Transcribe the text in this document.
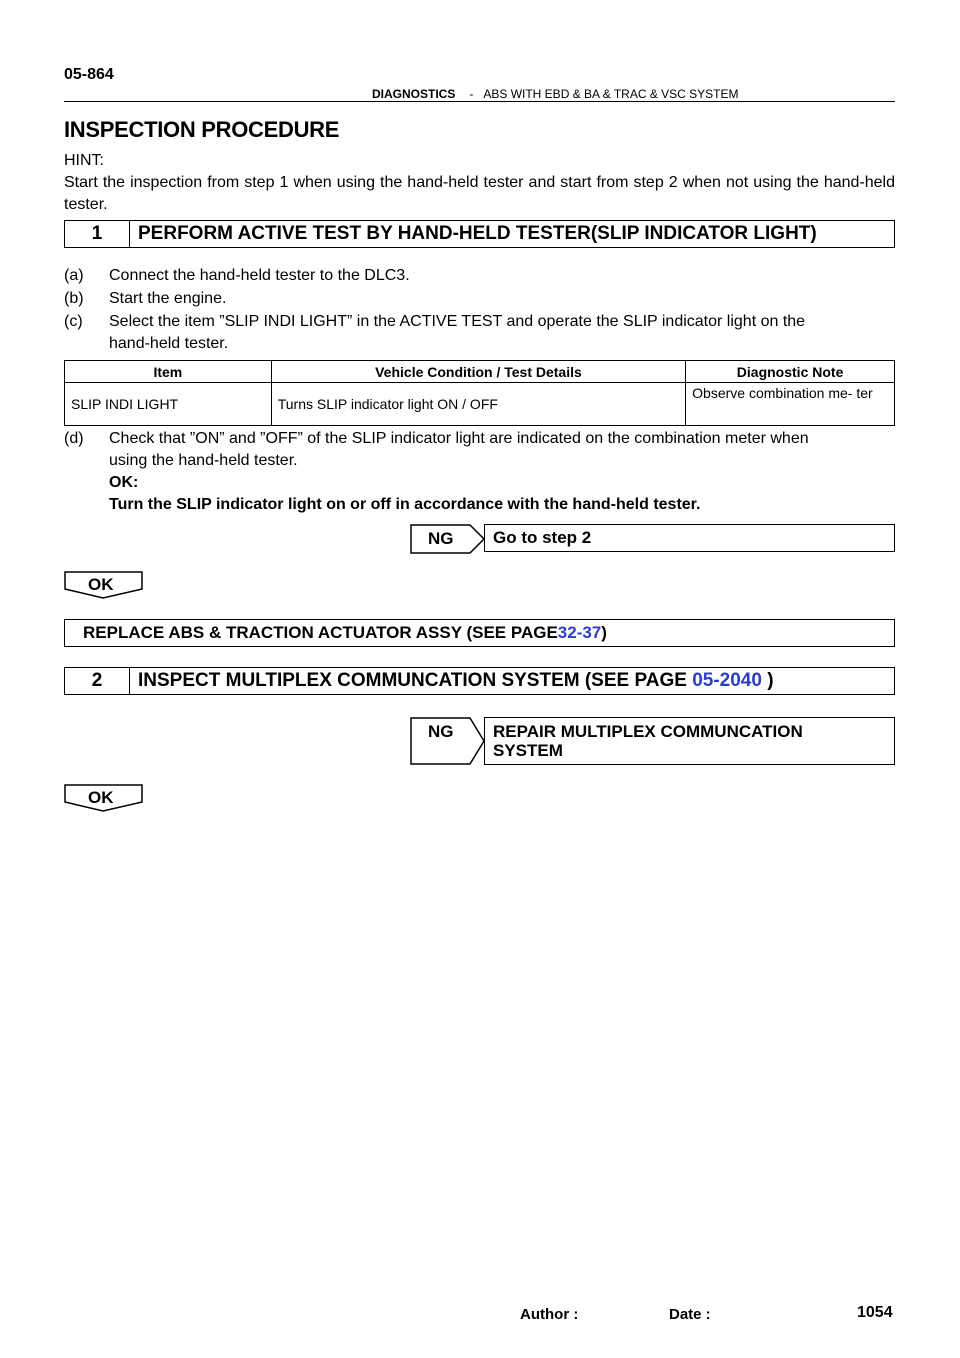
05-864
DIAGNOSTICS - ABS WITH EBD & BA & TRAC & VSC SYSTEM
INSPECTION PROCEDURE
HINT:
Start the inspection from step 1 when using the hand-held tester and start from step 2 when not using the hand-held tester.
1	PERFORM ACTIVE TEST BY HAND-HELD TESTER(SLIP INDICATOR LIGHT)
(a) Connect the hand-held tester to the DLC3.
(b) Start the engine.
(c) Select the item ”SLIP INDI LIGHT” in the ACTIVE TEST and operate the SLIP indicator light on the
hand-held tester.
Item	Vehicle Condition / Test Details	Diagnostic Note
SLIP INDI LIGHT	Turns SLIP indicator light ON / OFF	Observe combination me- ter
(d) Check that ”ON” and ”OFF” of the SLIP indicator light are indicated on the combination meter when
using the hand-held tester.
OK:
Turn the SLIP indicator light on or off in accordance with the hand-held tester.
NG	Go to step 2
OK
REPLACE ABS & TRACTION ACTUATOR ASSY (SEE PAGE 32-37 )
2	INSPECT MULTIPLEX COMMUNCATION SYSTEM (SEE PAGE 05-2040 )
NG REPAIR MULTIPLEX COMMUNCATION
SYSTEM
OK
Author :	Date :	1054
